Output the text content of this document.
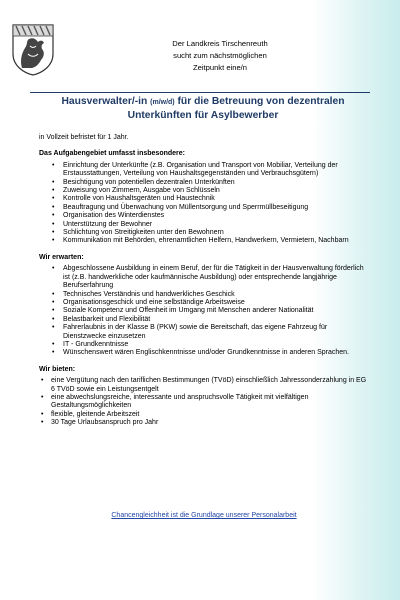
Der Landkreis Tirschenreuth
sucht zum nächstmöglichen
Zeitpunkt eine/n
Hausverwalter/-in (m/w/d) für die Betreuung von dezentralen
Unterkünften für Asylbewerber

in Vollzeit befristet für 1 Jahr.

Das Aufgabengebiet umfasst insbesondere:

• Einrichtung der Unterkünfte (z.B. Organisation und Transport von Mobiliar, Verteilung der Erstausstattungen, Verteilung von Haushaltsgegenständen und Verbrauchsgütern)
• Besichtigung von potentiellen dezentralen Unterkünften
• Zuweisung von Zimmern, Ausgabe von Schlüsseln
• Kontrolle von Haushaltsgeräten und Haustechnik
• Beauftragung und Überwachung von Müllentsorgung und Sperrmüllbeseitigung
• Organisation des Winterdienstes
• Unterstützung der Bewohner
• Schlichtung von Streitigkeiten unter den Bewohnern
• Kommunikation mit Behörden, ehrenamtlichen Helfern, Handwerkern, Vermietern, Nachbarn

Wir erwarten:

• Abgeschlossene Ausbildung in einem Beruf, der für die Tätigkeit in der Hausverwaltung förderlich ist (z.B. handwerkliche oder kaufmännische Ausbildung) oder entsprechende langjährige Berufserfahrung
• Technisches Verständnis und handwerkliches Geschick
• Organisationsgeschick und eine selbständige Arbeitsweise
• Soziale Kompetenz und Offenheit im Umgang mit Menschen anderer Nationalität
• Belastbarkeit und Flexibilität
• Fahrerlaubnis in der Klasse B (PKW) sowie die Bereitschaft, das eigene Fahrzeug für Dienstzwecke einzusetzen
• IT - Grundkenntnisse
• Wünschenswert wären Englischkenntnisse und/oder Grundkenntnisse in anderen Sprachen.

Wir bieten:

• eine Vergütung nach den tariflichen Bestimmungen (TVöD) einschließlich Jahressonderzahlung in EG 6 TVöD sowie ein Leistungsentgelt
• eine abwechslungsreiche, interessante und anspruchsvolle Tätigkeit mit vielfältigen Gestaltungsmöglichkeiten
• flexible, gleitende Arbeitszeit
• 30 Tage Urlaubsanspruch pro Jahr
Chancengleichheit ist die Grundlage unserer Personalarbeit
